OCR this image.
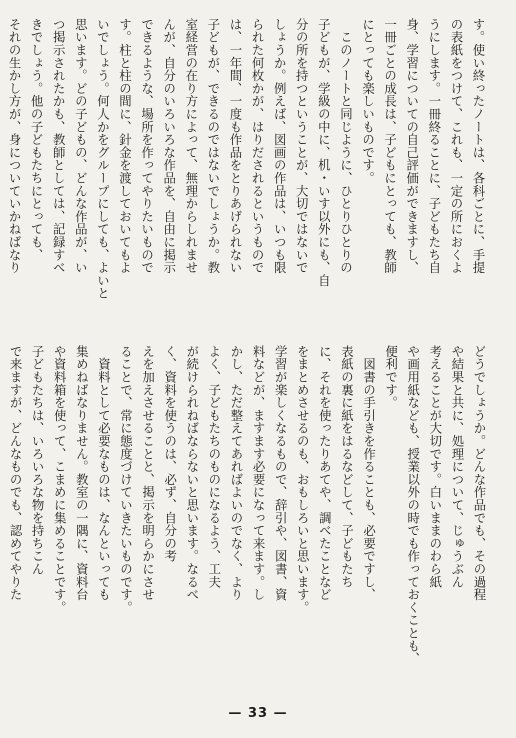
す。使い終ったノートは、各科ごとに、手提
の表紙をつけて、これも、一定の所におくよ
うにします。一冊終ることに、子どもたち自
身、学習についての自己評価ができますし、
一冊ごとの成長は、子どもにとっても、教師
にとっても楽しいものです。
　このノートと同じように、ひとりひとりの
子どもが、学級の中に、机・いす以外にも、自
分の所を持つということが、大切ではないで
しょうか。例えば、図画の作品は、いつも限
られた何枚かが、はりだされるというもので
は、一年間、一度も作品をとりあげられない
子どもが、できるのではないでしょうか。教
室経営の在り方によって、無理からしれませ
んが、自分のいろいろな作品を、自由に掲示
できるような、場所を作ってやりたいもので
す。柱と柱の間に、針金を渡しておいてもよ
いでしょう。何人かをグループにしても、よいと
思います。どの子どもの、どんな作品が、い
つ掲示されたかも、教師としては、記録すべ
きでしょう。他の子どもたちにとっても、
それの生かし方が、身についていかねばなり
どうでしょうか。どんな作品でも、その過程
や結果と共に、処理について、じゅうぶん
考えることが大切です。白いままのわら紙
や画用紙なども、授業以外の時でも作っておくことも、
便利です。
　図書の手引きを作ることも、必要ですし、
表紙の裏に紙をはるなどして、子どもたち
に、それを使ったりあてや、調べたことなど
をまとめさせるのも、おもしろいと思います。
学習が楽しくなるもので、辞引や、図書、資
料などが、ますます必要になって来ます。し
かし、ただ整えてあればよいのでなく、より
よく、子どもたちのものになるよう、工夫
が続けられねばならないと思います。なるべ
く、資料を使うのは、必ず、自分の考
えを加えさせることと、掲示を明らかにさせ
ることで、常に態度づけていきたいものです。
　資料として必要なものは、なんといっても
集めねばなりません。教室の一隅に、資料台
や資料箱を使って、こまめに集めることです。
子どもたちは、いろいろな物を持ちこん
で来ますが、どんなものでも、認めてやりた
— 33 —
